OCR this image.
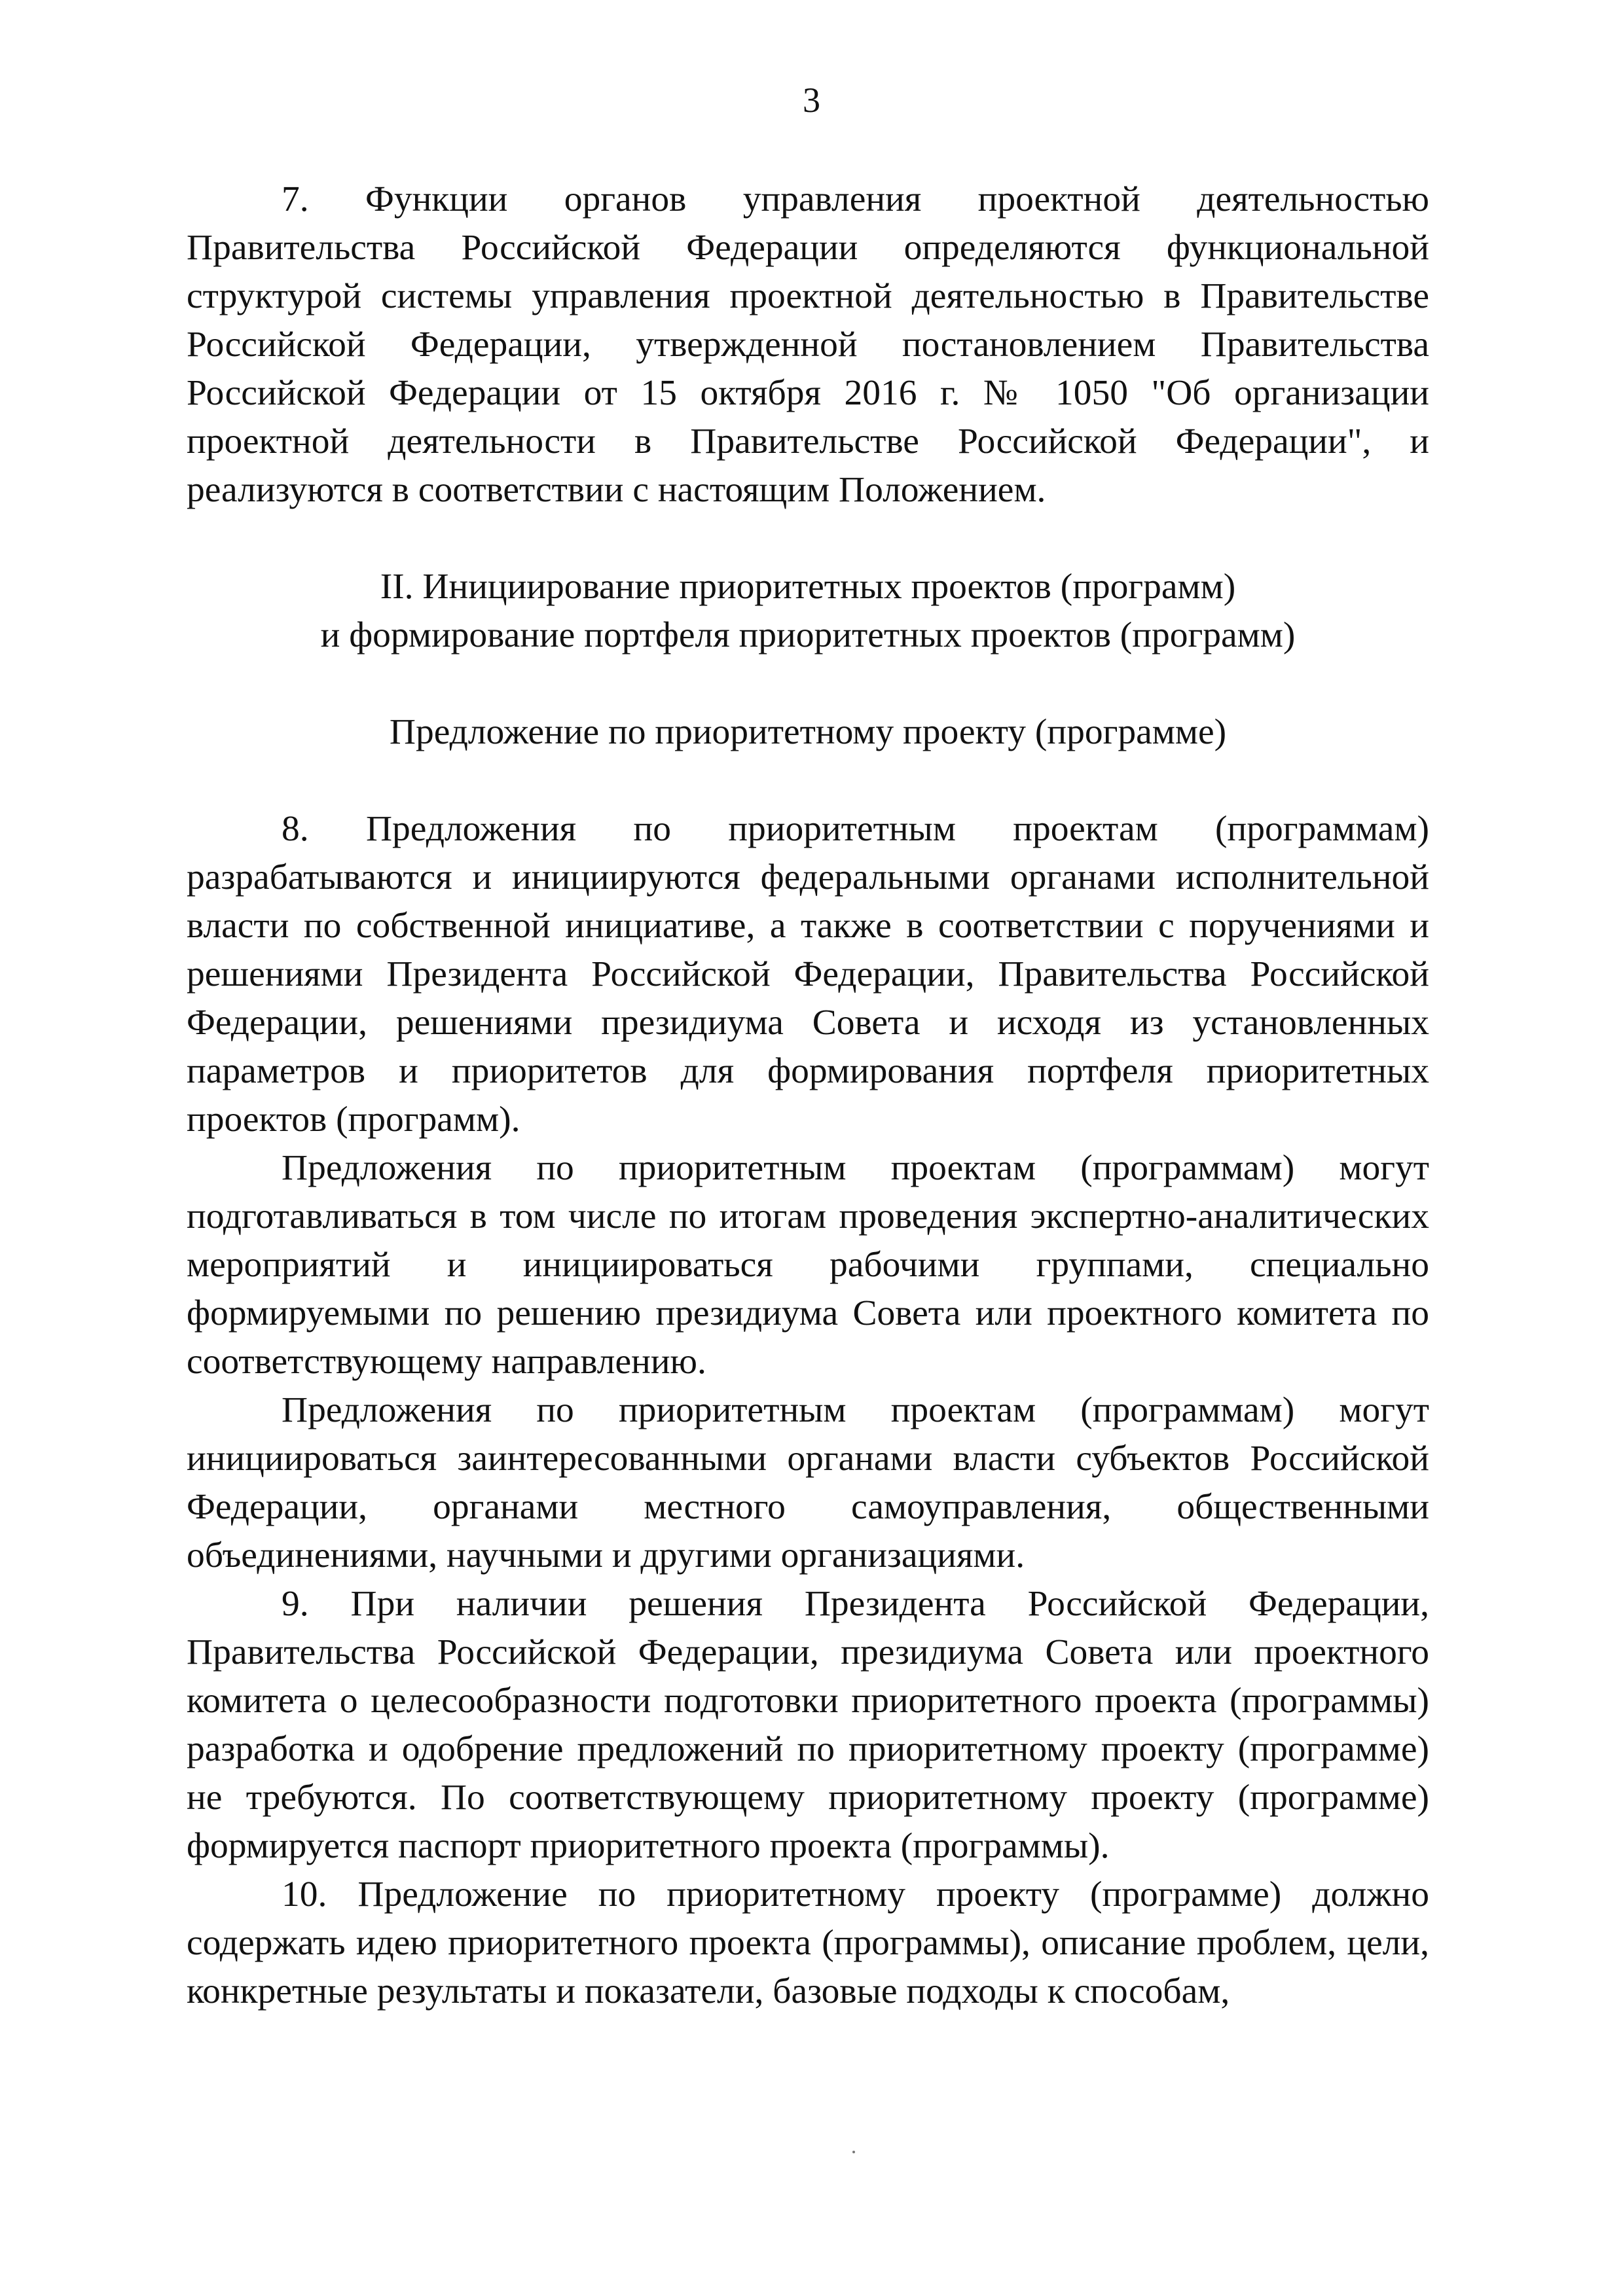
3

7. Функции органов управления проектной деятельностью Правительства Российской Федерации определяются функциональной структурой системы управления проектной деятельностью в Правительстве Российской Федерации, утвержденной постановлением Правительства Российской Федерации от 15 октября 2016 г. № 1050 "Об организации проектной деятельности в Правительстве Российской Федерации", и реализуются в соответствии с настоящим Положением.

II. Инициирование приоритетных проектов (программ)
и формирование портфеля приоритетных проектов (программ)
Предложение по приоритетному проекту (программе)

8. Предложения по приоритетным проектам (программам) разрабатываются и инициируются федеральными органами исполнительной власти по собственной инициативе, а также в соответствии с поручениями и решениями Президента Российской Федерации, Правительства Российской Федерации, решениями президиума Совета и исходя из установленных параметров и приоритетов для формирования портфеля приоритетных проектов (программ).

Предложения по приоритетным проектам (программам) могут подготавливаться в том числе по итогам проведения экспертно-аналитических мероприятий и инициироваться рабочими группами, специально формируемыми по решению президиума Совета или проектного комитета по соответствующему направлению.

Предложения по приоритетным проектам (программам) могут инициироваться заинтересованными органами власти субъектов Российской Федерации, органами местного самоуправления, общественными объединениями, научными и другими организациями.

9. При наличии решения Президента Российской Федерации, Правительства Российской Федерации, президиума Совета или проектного комитета о целесообразности подготовки приоритетного проекта (программы) разработка и одобрение предложений по приоритетному проекту (программе) не требуются. По соответствующему приоритетному проекту (программе) формируется паспорт приоритетного проекта (программы).

10. Предложение по приоритетному проекту (программе) должно содержать идею приоритетного проекта (программы), описание проблем, цели, конкретные результаты и показатели, базовые подходы к способам,
